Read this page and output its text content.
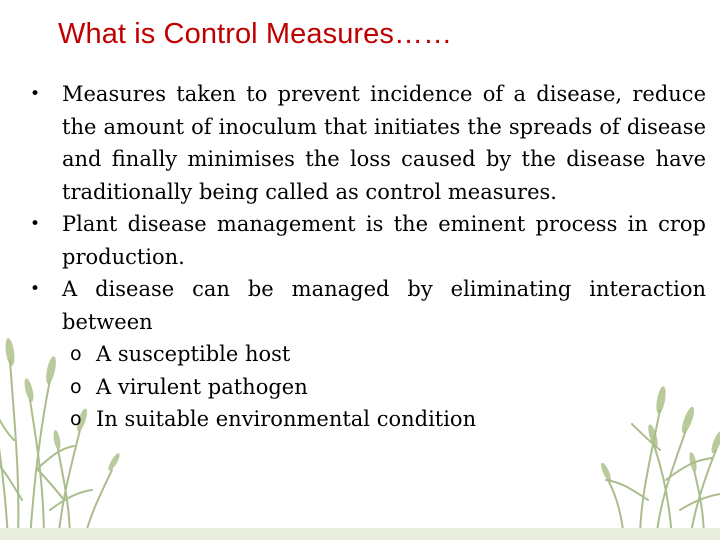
What is Control Measures……
• Measures taken to prevent incidence of a disease, reduce the amount of inoculum that initiates the spreads of disease and finally minimises the loss caused by the disease have traditionally being called as control measures.
• Plant disease management is the eminent process in crop production.
• A disease can be managed by eliminating interaction between
o A susceptible host
o A virulent pathogen
o In suitable environmental condition
